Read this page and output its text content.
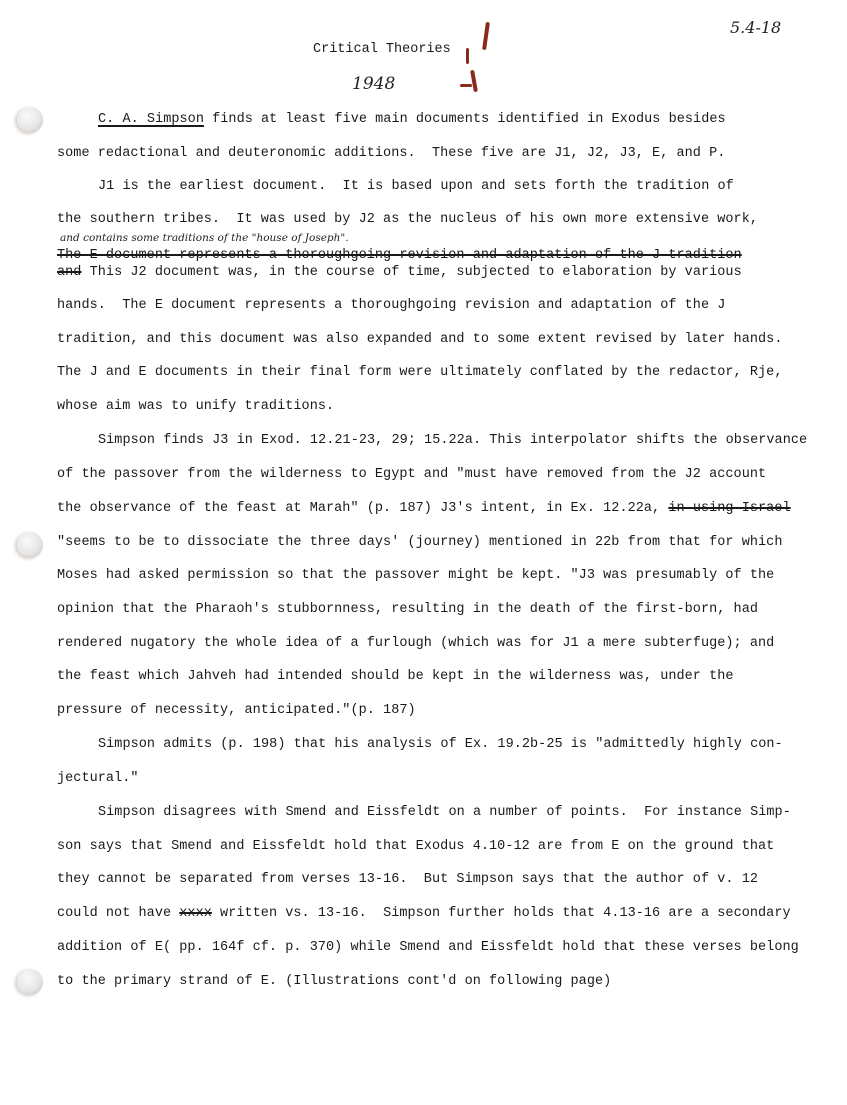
Critical Theories
1948
5.4-18
and contains some traditions of the "house of Joseph".
C. A. Simpson finds at least five main documents identified in Exodus besides
some redactional and deuteronomic additions.  These five are J1, J2, J3, E, and P.
J1 is the earliest document.  It is based upon and sets forth the tradition of
the southern tribes.  It was used by J2 as the nucleus of his own more extensive work,
The E document represents a thoroughgoing revision and adaptation of the J tradition
and This J2 document was, in the course of time, subjected to elaboration by various
hands.  The E document represents a thoroughgoing revision and adaptation of the J
tradition, and this document was also expanded and to some extent revised by later hands.
The J and E documents in their final form were ultimately conflated by the redactor, Rje,
whose aim was to unify traditions.
Simpson finds J3 in Exod. 12.21-23, 29; 15.22a. This interpolator shifts the observance
of the passover from the wilderness to Egypt and "must have removed from the J2 account
the observance of the feast at Marah" (p. 187) J3's intent, in Ex. 12.22a, in using Israel
"seems to be to dissociate the three days' (journey) mentioned in 22b from that for which
Moses had asked permission so that the passover might be kept. "J3 was presumably of the
opinion that the Pharaoh's stubbornness, resulting in the death of the first-born, had
rendered nugatory the whole idea of a furlough (which was for J1 a mere subterfuge); and
the feast which Jahveh had intended should be kept in the wilderness was, under the
pressure of necessity, anticipated."(p. 187)
Simpson admits (p. 198) that his analysis of Ex. 19.2b-25 is "admittedly highly con-
jectural."
Simpson disagrees with Smend and Eissfeldt on a number of points.  For instance Simp-
son says that Smend and Eissfeldt hold that Exodus 4.10-12 are from E on the ground that
they cannot be separated from verses 13-16.  But Simpson says that the author of v. 12
could not have xxxx written vs. 13-16.  Simpson further holds that 4.13-16 are a secondary
addition of E( pp. 164f cf. p. 370) while Smend and Eissfeldt hold that these verses belong
to the primary strand of E. (Illustrations cont'd on following page)
